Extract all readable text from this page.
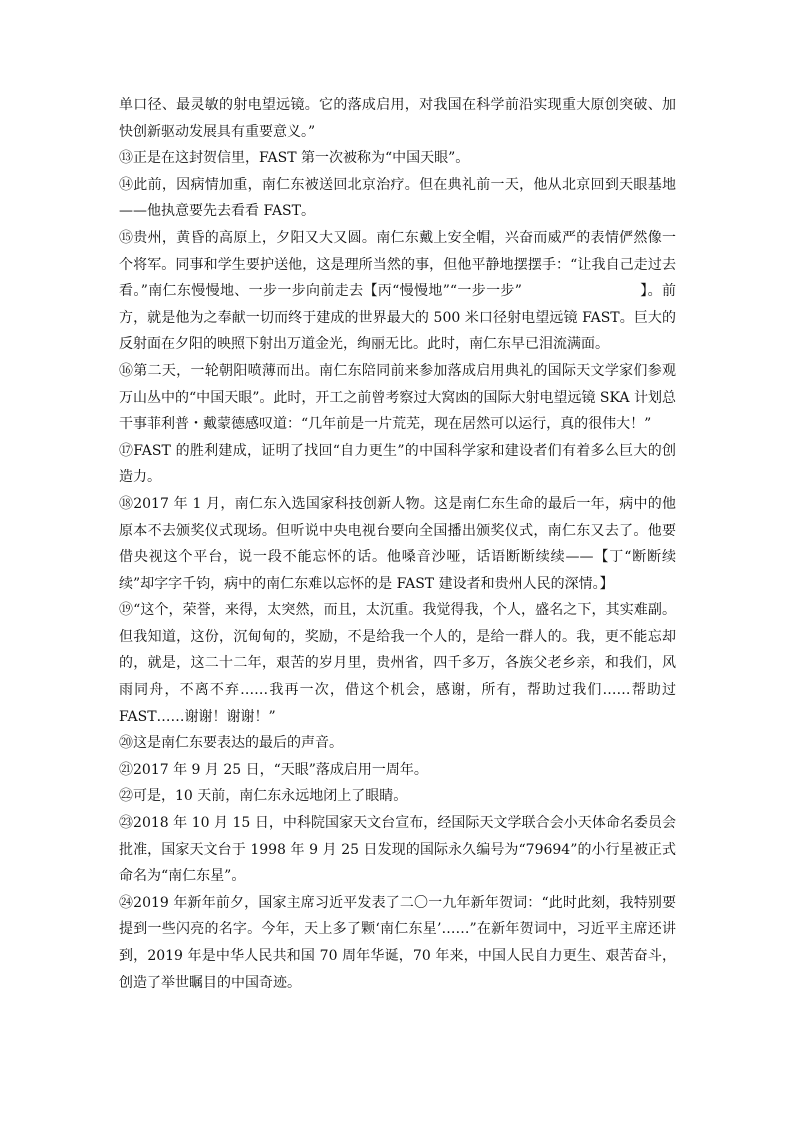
单口径、最灵敏的射电望远镜。它的落成启用，对我国在科学前沿实现重大原创突破、加快创新驱动发展具有重要意义。”

⑬正是在这封贺信里，FAST 第一次被称为“中国天眼”。

⑭此前，因病情加重，南仁东被送回北京治疗。但在典礼前一天，他从北京回到天眼基地——他执意要先去看看 FAST。

⑮贵州，黄昏的高原上，夕阳又大又圆。南仁东戴上安全帽，兴奋而威严的表情俨然像一个将军。同事和学生要护送他，这是理所当然的事，但他平静地摆摆手：“让我自己走过去看。”南仁东慢慢地、一步一步向前走去【丙“慢慢地”“一步一步”	】。前方，就是他为之奉献一切而终于建成的世界最大的 500 米口径射电望远镜 FAST。巨大的反射面在夕阳的映照下射出万道金光，绚丽无比。此时，南仁东早已泪流满面。

⑯第二天，一轮朝阳喷薄而出。南仁东陪同前来参加落成启用典礼的国际天文学家们参观万山丛中的“中国天眼”。此时，开工之前曾考察过大窝凼的国际大射电望远镜 SKA 计划总干事菲利普・戴蒙德感叹道：“几年前是一片荒芜，现在居然可以运行，真的很伟大！”

⑰FAST 的胜利建成，证明了找回“自力更生”的中国科学家和建设者们有着多么巨大的创造力。

⑱2017 年 1 月，南仁东入选国家科技创新人物。这是南仁东生命的最后一年，病中的他原本不去颁奖仪式现场。但听说中央电视台要向全国播出颁奖仪式，南仁东又去了。他要借央视这个平台，说一段不能忘怀的话。他嗓音沙哑，话语断断续续——【丁“断断续续”却字字千钧，病中的南仁东难以忘怀的是 FAST 建设者和贵州人民的深情。】

⑲“这个，荣誉，来得，太突然，而且，太沉重。我觉得我，个人，盛名之下，其实难副。但我知道，这份，沉甸甸的，奖励，不是给我一个人的，是给一群人的。我，更不能忘却的，就是，这二十二年，艰苦的岁月里，贵州省，四千多万，各族父老乡亲，和我们，风雨同舟，不离不弃……我再一次，借这个机会，感谢，所有，帮助过我们……帮助过 FAST……谢谢！谢谢！”

⑳这是南仁东要表达的最后的声音。

㉑2017 年 9 月 25 日，“天眼”落成启用一周年。

㉒可是，10 天前，南仁东永远地闭上了眼睛。

㉓2018 年 10 月 15 日，中科院国家天文台宣布，经国际天文学联合会小天体命名委员会批准，国家天文台于 1998 年 9 月 25 日发现的国际永久编号为“79694”的小行星被正式命名为“南仁东星”。

㉔2019 年新年前夕，国家主席习近平发表了二〇一九年新年贺词：“此时此刻，我特别要提到一些闪亮的名字。今年，天上多了颗‘南仁东星’……”在新年贺词中，习近平主席还讲到，2019 年是中华人民共和国 70 周年华诞，70 年来，中国人民自力更生、艰苦奋斗，创造了举世瞩目的中国奇迹。
